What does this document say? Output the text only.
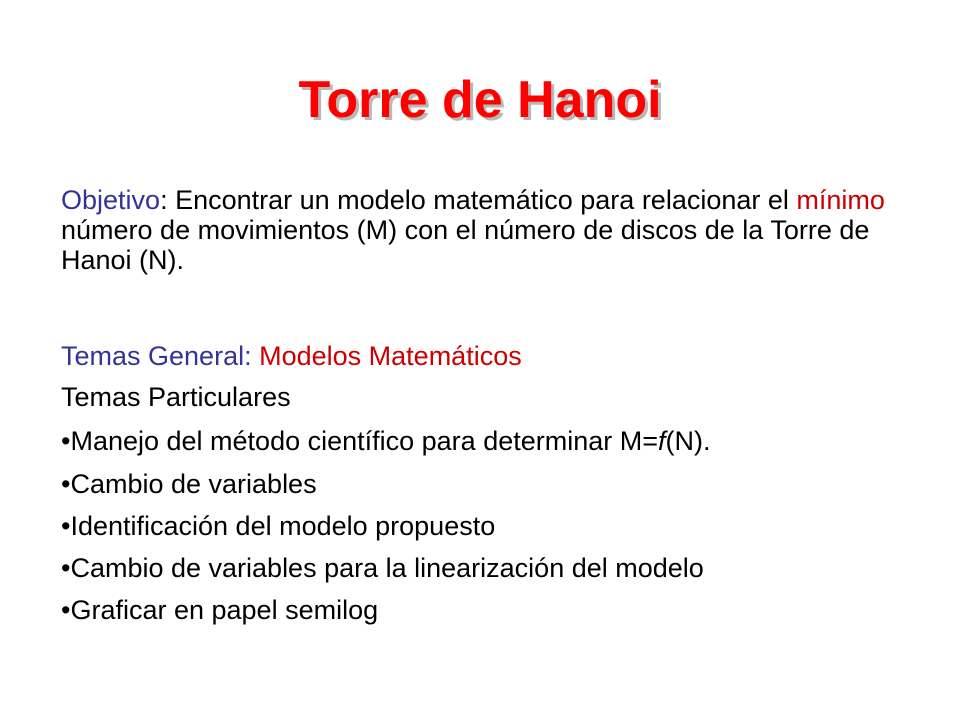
Torre de Hanoi
Objetivo: Encontrar un modelo matemático para relacionar el mínimo número de movimientos (M) con el número de discos de la Torre de Hanoi (N).
Temas General: Modelos Matemáticos
Temas Particulares
•Manejo del método científico para determinar M=f(N).
•Cambio de variables
•Identificación del modelo propuesto
•Cambio de variables para la linearización del modelo
•Graficar en papel semilog
